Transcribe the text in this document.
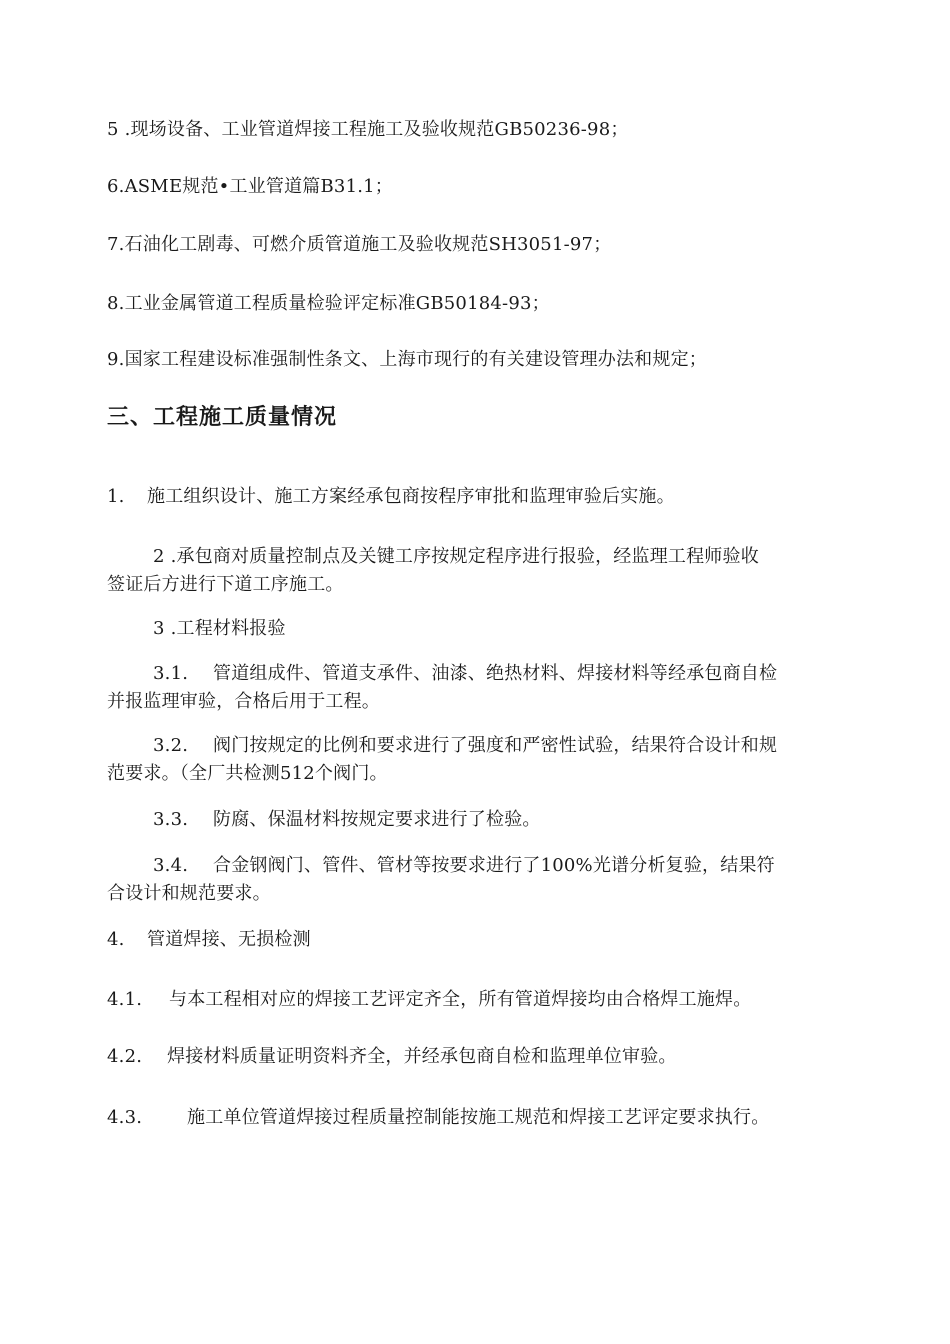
5 .现场设备、工业管道焊接工程施工及验收规范GB50236-98；
6.ASME规范•工业管道篇B31.1；
7.石油化工剧毒、可燃介质管道施工及验收规范SH3051-97；
8.工业金属管道工程质量检验评定标准GB50184-93；
9.国家工程建设标准强制性条文、上海市现行的有关建设管理办法和规定；
三、工程施工质量情况
1. 施工组织设计、施工方案经承包商按程序审批和监理审验后实施。
2 .承包商对质量控制点及关键工序按规定程序进行报验，经监理工程师验收
签证后方进行下道工序施工。
3 .工程材料报验
3.1. 管道组成件、管道支承件、油漆、绝热材料、焊接材料等经承包商自检
并报监理审验，合格后用于工程。
3.2. 阀门按规定的比例和要求进行了强度和严密性试验，结果符合设计和规
范要求。（全厂共检测512个阀门。
3.3. 防腐、保温材料按规定要求进行了检验。
3.4. 合金钢阀门、管件、管材等按要求进行了100%光谱分析复验，结果符
合设计和规范要求。
4. 管道焊接、无损检测
4.1. 与本工程相对应的焊接工艺评定齐全，所有管道焊接均由合格焊工施焊。
4.2. 焊接材料质量证明资料齐全，并经承包商自检和监理单位审验。
4.3. 施工单位管道焊接过程质量控制能按施工规范和焊接工艺评定要求执行。
